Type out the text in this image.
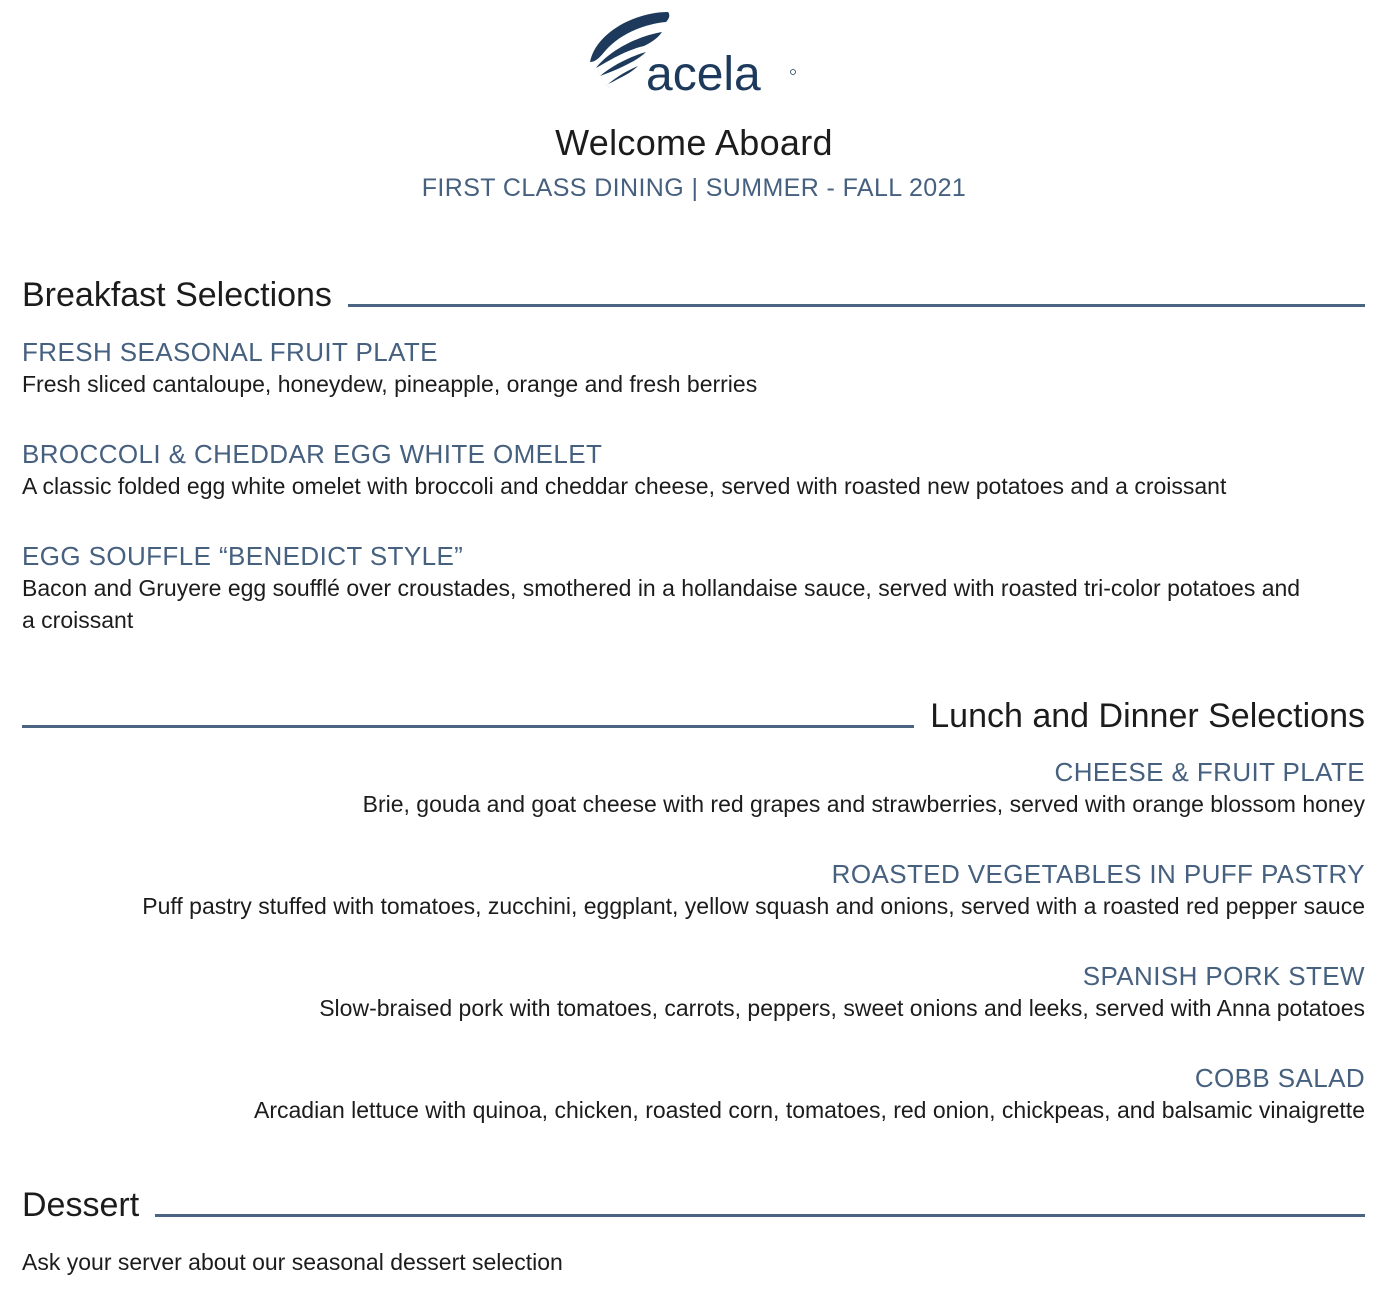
acela
Welcome Aboard
FIRST CLASS DINING | SUMMER - FALL 2021
Breakfast Selections
FRESH SEASONAL FRUIT PLATE
Fresh sliced cantaloupe, honeydew, pineapple, orange and fresh berries
BROCCOLI & CHEDDAR EGG WHITE OMELET
A classic folded egg white omelet with broccoli and cheddar cheese, served with roasted new potatoes and a croissant
EGG SOUFFLE “BENEDICT STYLE”
Bacon and Gruyere egg soufflé over croustades, smothered in a hollandaise sauce, served with roasted tri-color potatoes and a croissant
Lunch and Dinner Selections
CHEESE & FRUIT PLATE
Brie, gouda and goat cheese with red grapes and strawberries, served with orange blossom honey
ROASTED VEGETABLES IN PUFF PASTRY
Puff pastry stuffed with tomatoes, zucchini, eggplant, yellow squash and onions, served with a roasted red pepper sauce
SPANISH PORK STEW
Slow-braised pork with tomatoes, carrots, peppers, sweet onions and leeks, served with Anna potatoes
COBB SALAD
Arcadian lettuce with quinoa, chicken, roasted corn, tomatoes, red onion, chickpeas, and balsamic vinaigrette
Dessert
Ask your server about our seasonal dessert selection
